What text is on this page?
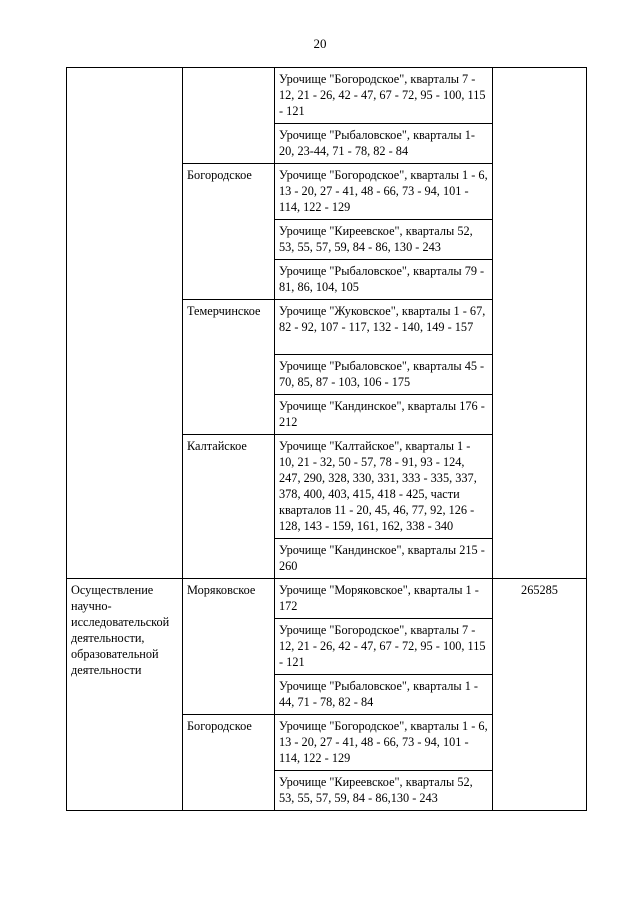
20
		Урочище "Богородское", кварталы 7 - 12, 21 - 26, 42 - 47, 67 - 72, 95 - 100, 115 - 121	
		Урочище "Рыбаловское", кварталы 1- 20, 23-44, 71 - 78, 82 - 84	
	Богородское	Урочище "Богородское", кварталы 1 - 6, 13 - 20, 27 - 41, 48 - 66, 73 - 94, 101 - 114, 122 - 129	
		Урочище "Киреевское", кварталы 52, 53, 55, 57, 59, 84 - 86, 130 - 243	
		Урочище "Рыбаловское", кварталы 79 - 81, 86, 104, 105	
	Темерчинское	Урочище "Жуковское", кварталы 1 - 67, 82 - 92, 107 - 117, 132 - 140, 149 - 157	
		Урочище "Рыбаловское", кварталы 45 - 70, 85, 87 - 103, 106 - 175	
		Урочище "Кандинское", кварталы 176 - 212	
	Калтайское	Урочище "Калтайское", кварталы 1 - 10, 21 - 32, 50 - 57, 78 - 91, 93 - 124, 247, 290, 328, 330, 331, 333 - 335, 337, 378, 400, 403, 415, 418 - 425, части кварталов 11 - 20, 45, 46, 77, 92, 126 - 128, 143 - 159, 161, 162, 338 - 340	
		Урочище "Кандинское", кварталы 215 - 260	
Осуществление научно-исследовательской деятельности, образовательной деятельности	Моряковское	Урочище "Моряковское", кварталы 1 - 172	265285
		Урочище "Богородское", кварталы 7 - 12, 21 - 26, 42 - 47, 67 - 72, 95 - 100, 115 - 121	
		Урочище "Рыбаловское", кварталы 1 - 44, 71 - 78, 82 - 84	
	Богородское	Урочище "Богородское", кварталы 1 - 6, 13 - 20, 27 - 41, 48 - 66, 73 - 94, 101 - 114, 122 - 129	
		Урочище "Киреевское", кварталы 52, 53, 55, 57, 59, 84 - 86,130 - 243	
